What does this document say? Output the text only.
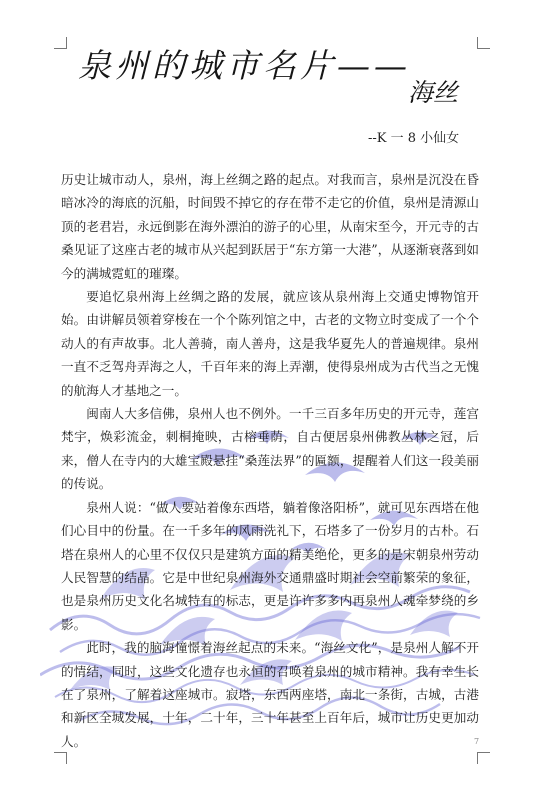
泉州的城市名片——
海丝
--K 一 8 小仙女

历史让城市动人，泉州，海上丝绸之路的起点。对我而言，泉州是沉没在昏暗冰冷的海底的沉船，时间毁不掉它的存在带不走它的价值，泉州是清源山顶的老君岩，永远倒影在海外漂泊的游子的心里，从南宋至今，开元寺的古桑见证了这座古老的城市从兴起到跃居于“东方第一大港”，从逐渐衰落到如今的满城霓虹的璀璨。

要追忆泉州海上丝绸之路的发展，就应该从泉州海上交通史博物馆开始。由讲解员领着穿梭在一个个陈列馆之中，古老的文物立时变成了一个个动人的有声故事。北人善骑，南人善舟，这是我华夏先人的普遍规律。泉州一直不乏驾舟弄海之人，千百年来的海上弄潮，使得泉州成为古代当之无愧的航海人才基地之一。

闽南人大多信佛，泉州人也不例外。一千三百多年历史的开元寺，莲宫梵宇，焕彩流金，刺桐掩映，古榕垂荫，自古便居泉州佛教丛林之冠，后来，僧人在寺内的大雄宝殿悬挂“桑莲法界”的匾额，提醒着人们这一段美丽的传说。

泉州人说：“做人要站着像东西塔，躺着像洛阳桥”，就可见东西塔在他们心目中的份量。在一千多年的风雨洗礼下，石塔多了一份岁月的古朴。石塔在泉州人的心里不仅仅只是建筑方面的精美绝伦，更多的是宋朝泉州劳动人民智慧的结晶。它是中世纪泉州海外交通鼎盛时期社会空前繁荣的象征，也是泉州历史文化名城特有的标志，更是许许多多内再泉州人魂牵梦绕的乡影。

此时，我的脑海憧憬着海丝起点的未来。“海丝文化”，是泉州人解不开的情结，同时，这些文化遗存也永恒的召唤着泉州的城市精神。我有幸生长在了泉州，了解着这座城市。寂塔，东西两座塔，南北一条街，古城，古港和新区全城发展，十年，二十年，三十年甚至上百年后，城市让历史更加动人。	7
